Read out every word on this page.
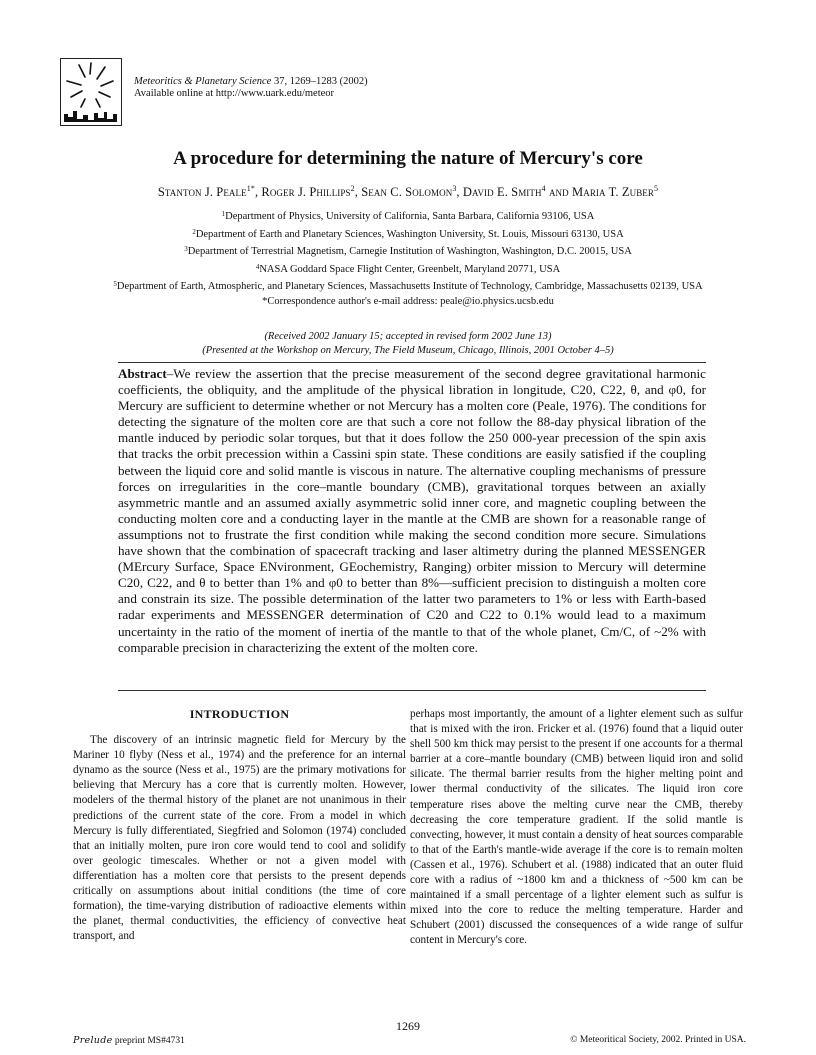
Meteoritics & Planetary Science 37, 1269–1283 (2002)
Available online at http://www.uark.edu/meteor
A procedure for determining the nature of Mercury's core
Stanton J. Peale$^{1*}$, Roger J. Phillips$^2$, Sean C. Solomon$^3$, David E. Smith$^4$ and Maria T. Zuber$^5$
$^1$Department of Physics, University of California, Santa Barbara, California 93106, USA
$^2$Department of Earth and Planetary Sciences, Washington University, St. Louis, Missouri 63130, USA
$^3$Department of Terrestrial Magnetism, Carnegie Institution of Washington, Washington, D.C. 20015, USA
$^4$NASA Goddard Space Flight Center, Greenbelt, Maryland 20771, USA
$^5$Department of Earth, Atmospheric, and Planetary Sciences, Massachusetts Institute of Technology, Cambridge, Massachusetts 02139, USA
*Correspondence author's e-mail address: peale@io.physics.ucsb.edu
(Received 2002 January 15; accepted in revised form 2002 June 13)
(Presented at the Workshop on Mercury, The Field Museum, Chicago, Illinois, 2001 October 4–5)
Abstract–We review the assertion that the precise measurement of the second degree gravitational harmonic coefficients, the obliquity, and the amplitude of the physical libration in longitude, C20, C22, θ, and φ0, for Mercury are sufficient to determine whether or not Mercury has a molten core (Peale, 1976). The conditions for detecting the signature of the molten core are that such a core not follow the 88-day physical libration of the mantle induced by periodic solar torques, but that it does follow the 250 000-year precession of the spin axis that tracks the orbit precession within a Cassini spin state. These conditions are easily satisfied if the coupling between the liquid core and solid mantle is viscous in nature. The alternative coupling mechanisms of pressure forces on irregularities in the core–mantle boundary (CMB), gravitational torques between an axially asymmetric mantle and an assumed axially asymmetric solid inner core, and magnetic coupling between the conducting molten core and a conducting layer in the mantle at the CMB are shown for a reasonable range of assumptions not to frustrate the first condition while making the second condition more secure. Simulations have shown that the combination of spacecraft tracking and laser altimetry during the planned MESSENGER (MErcury Surface, Space ENvironment, GEochemistry, Ranging) orbiter mission to Mercury will determine C20, C22, and θ to better than 1% and φ0 to better than 8%—sufficient precision to distinguish a molten core and constrain its size. The possible determination of the latter two parameters to 1% or less with Earth-based radar experiments and MESSENGER determination of C20 and C22 to 0.1% would lead to a maximum uncertainty in the ratio of the moment of inertia of the mantle to that of the whole planet, Cm/C, of ~2% with comparable precision in characterizing the extent of the molten core.
INTRODUCTION

The discovery of an intrinsic magnetic field for Mercury by the Mariner 10 flyby (Ness et al., 1974) and the preference for an internal dynamo as the source (Ness et al., 1975) are the primary motivations for believing that Mercury has a core that is currently molten. However, modelers of the thermal history of the planet are not unanimous in their predictions of the current state of the core. From a model in which Mercury is fully differentiated, Siegfried and Solomon (1974) concluded that an initially molten, pure iron core would tend to cool and solidify over geologic timescales. Whether or not a given model with differentiation has a molten core that persists to the present depends critically on assumptions about initial conditions (the time of core formation), the time-varying distribution of radioactive elements within the planet, thermal conductivities, the efficiency of convective heat transport, and

perhaps most importantly, the amount of a lighter element such as sulfur that is mixed with the iron. Fricker et al. (1976) found that a liquid outer shell 500 km thick may persist to the present if one accounts for a thermal barrier at a core–mantle boundary (CMB) between liquid iron and solid silicate. The thermal barrier results from the higher melting point and lower thermal conductivity of the silicates. The liquid iron core temperature rises above the melting curve near the CMB, thereby decreasing the core temperature gradient. If the solid mantle is convecting, however, it must contain a density of heat sources comparable to that of the Earth's mantle-wide average if the core is to remain molten (Cassen et al., 1976). Schubert et al. (1988) indicated that an outer fluid core with a radius of ~1800 km and a thickness of ~500 km can be maintained if a small percentage of a lighter element such as sulfur is mixed into the core to reduce the melting temperature. Harder and Schubert (2001) discussed the consequences of a wide range of sulfur content in Mercury's core.

1269
Prelude preprint MS#4731	© Meteoritical Society, 2002. Printed in USA.
